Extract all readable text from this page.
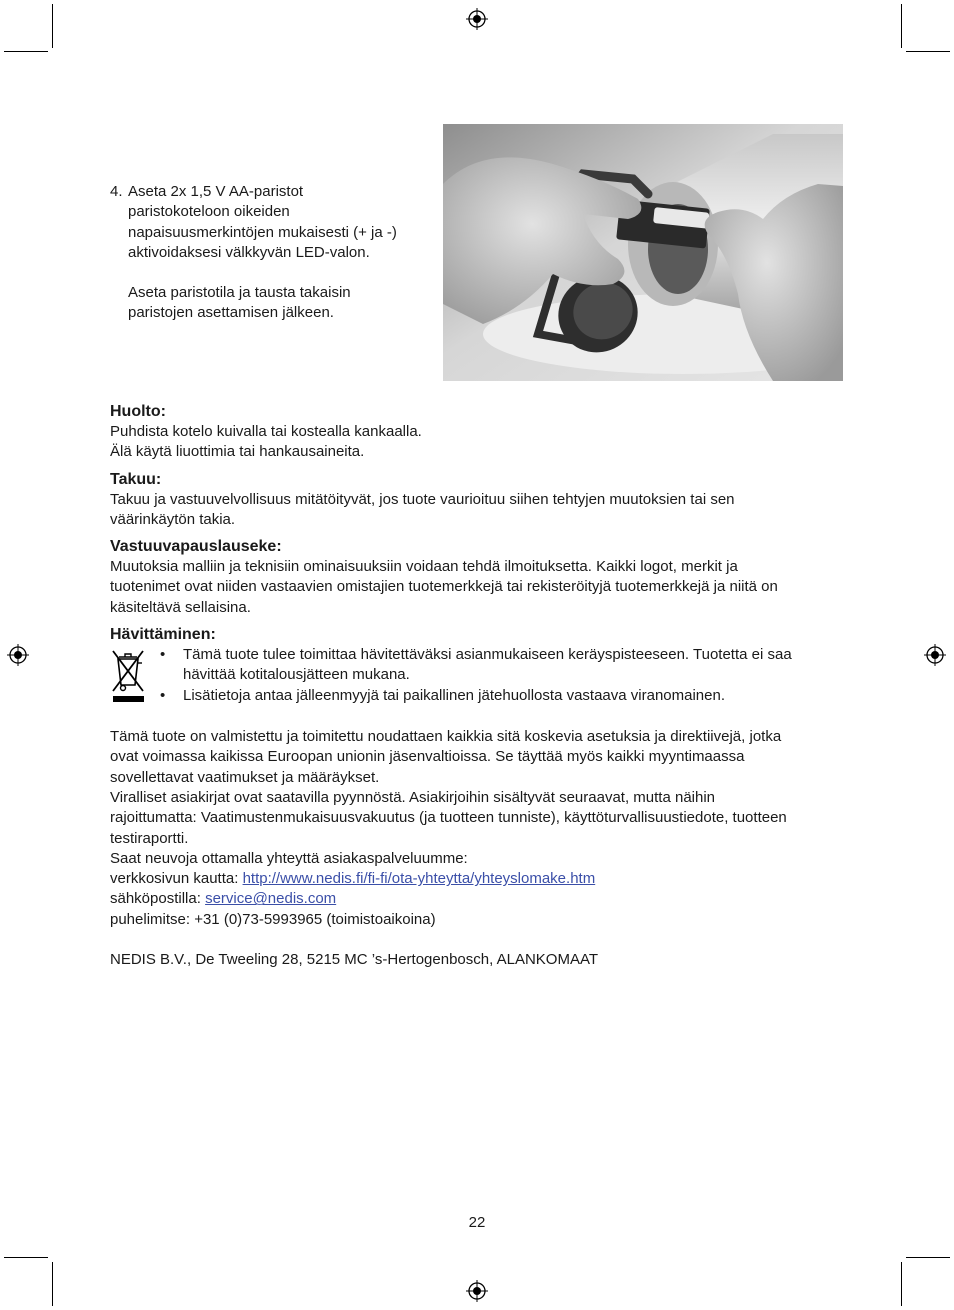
4. Aseta 2x 1,5 V AA-paristot
paristokoteloon oikeiden
napaisuusmerkintöjen mukaisesti (+ ja -)
aktivoidaksesi välkkyvän LED-valon.

Aseta paristotila ja tausta takaisin
paristojen asettamisen jälkeen.

Huolto:

Puhdista kotelo kuivalla tai kostealla kankaalla.
Älä käytä liuottimia tai hankausaineita.

Takuu:

Takuu ja vastuuvelvollisuus mitätöityvät, jos tuote vaurioituu siihen tehtyjen muutoksien tai sen
väärinkäytön takia.

Vastuuvapauslauseke:

Muutoksia malliin ja teknisiin ominaisuuksiin voidaan tehdä ilmoituksetta. Kaikki logot, merkit ja
tuotenimet ovat niiden vastaavien omistajien tuotemerkkejä tai rekisteröityjä tuotemerkkejä ja niitä on
käsiteltävä sellaisina.

Hävittäminen:
• Tämä tuote tulee toimittaa hävitettäväksi asianmukaiseen keräyspisteeseen. Tuotetta ei saa
hävittää kotitalousjätteen mukana.
• Lisätietoja antaa jälleenmyyjä tai paikallinen jätehuollosta vastaava viranomainen.

Tämä tuote on valmistettu ja toimitettu noudattaen kaikkia sitä koskevia asetuksia ja direktiivejä, jotka
ovat voimassa kaikissa Euroopan unionin jäsenvaltioissa. Se täyttää myös kaikki myyntimaassa
sovellettavat vaatimukset ja määräykset.
Viralliset asiakirjat ovat saatavilla pyynnöstä. Asiakirjoihin sisältyvät seuraavat, mutta näihin
rajoittumatta: Vaatimustenmukaisuusvakuutus (ja tuotteen tunniste), käyttöturvallisuustiedote, tuotteen
testiraportti.
Saat neuvoja ottamalla yhteyttä asiakaspalveluumme:
verkkosivun kautta: http://www.nedis.fi/fi-fi/ota-yhteytta/yhteyslomake.htm
sähköpostilla: service@nedis.com
puhelimitse: +31 (0)73-5993965 (toimistoaikoina)

NEDIS B.V., De Tweeling 28, 5215 MC ’s-Hertogenbosch, ALANKOMAAT

22
